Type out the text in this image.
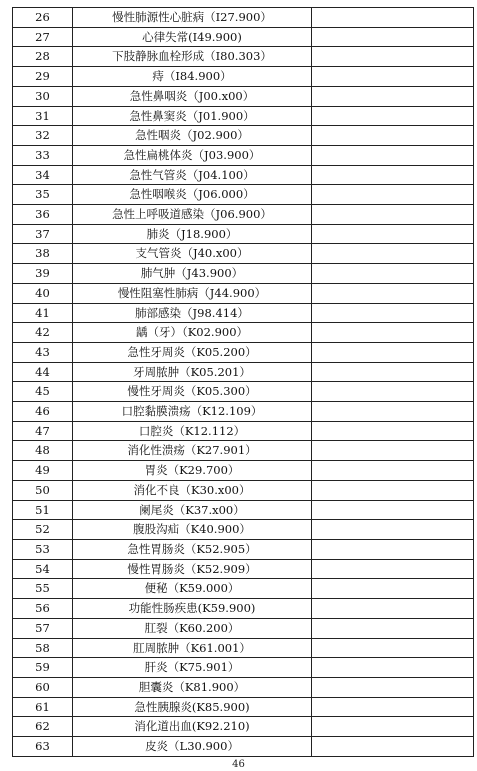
26	慢性肺源性心脏病（I27.900）	
27	心律失常(I49.900)	
28	下肢静脉血栓形成（I80.303）	
29	痔（I84.900）	
30	急性鼻咽炎（J00.x00）	
31	急性鼻窦炎（J01.900）	
32	急性咽炎（J02.900）	
33	急性扁桃体炎（J03.900）	
34	急性气管炎（J04.100）	
35	急性咽喉炎（J06.000）	
36	急性上呼吸道感染（J06.900）	
37	肺炎（J18.900）	
38	支气管炎（J40.x00）	
39	肺气肿（J43.900）	
40	慢性阻塞性肺病（J44.900）	
41	肺部感染（J98.414）	
42	龋（牙）（K02.900）	
43	急性牙周炎（K05.200）	
44	牙周脓肿（K05.201）	
45	慢性牙周炎（K05.300）	
46	口腔黏膜溃疡（K12.109）	
47	口腔炎（K12.112）	
48	消化性溃疡（K27.901）	
49	胃炎（K29.700）	
50	消化不良（K30.x00）	
51	阑尾炎（K37.x00）	
52	腹股沟疝（K40.900）	
53	急性胃肠炎（K52.905）	
54	慢性胃肠炎（K52.909）	
55	便秘（K59.000）	
56	功能性肠疾患(K59.900)	
57	肛裂（K60.200）	
58	肛周脓肿（K61.001）	
59	肝炎（K75.901）	
60	胆囊炎（K81.900）	
61	急性胰腺炎(K85.900)	
62	消化道出血(K92.210)	
63	皮炎（L30.900）	
46
